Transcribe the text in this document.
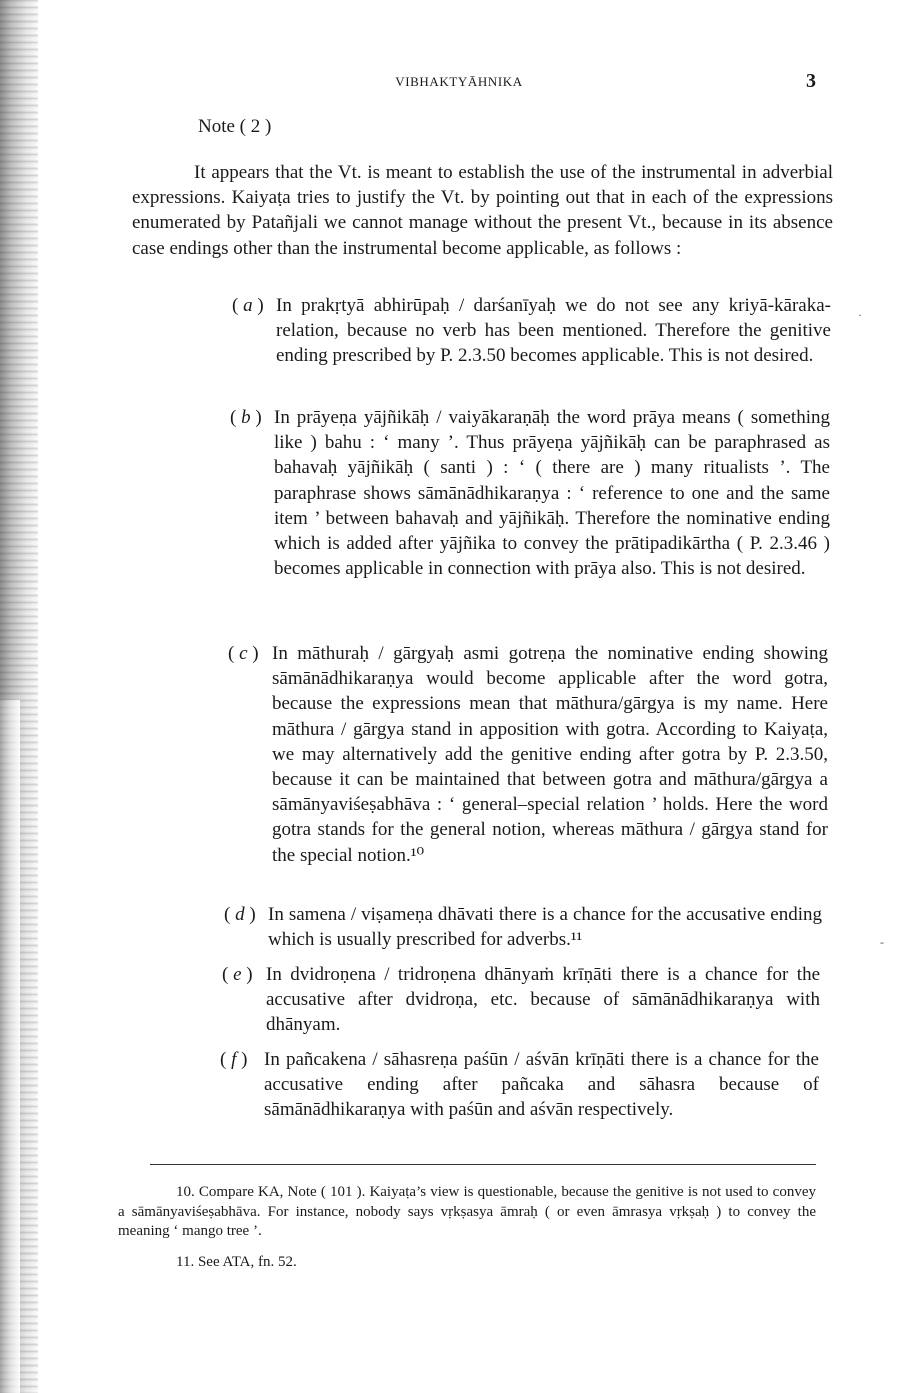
VIBHAKTYĀHNIKA	3
Note ( 2 )

It appears that the Vt. is meant to establish the use of the instrumental in adverbial expressions. Kaiyaṭa tries to justify the Vt. by pointing out that in each of the expressions enumerated by Patañjali we cannot manage without the present Vt., because in its absence case endings other than the instrumental become applicable, as follows :

( a ) In prakṛtyā abhirūpaḥ / darśanīyaḥ we do not see any kriyā-kāraka-relation, because no verb has been mentioned. Therefore the genitive ending prescribed by P. 2.3.50 becomes applicable. This is not desired.
( b ) In prāyeṇa yājñikāḥ / vaiyākaraṇāḥ the word prāya means ( something like ) bahu : ‘ many ’. Thus prāyeṇa yājñikāḥ can be paraphrased as bahavaḥ yājñikāḥ ( santi ) : ‘ ( there are ) many ritualists ’. The paraphrase shows sāmānādhikaraṇya : ‘ reference to one and the same item ’ between bahavaḥ and yājñikāḥ. Therefore the nominative ending which is added after yājñika to convey the prātipadikārtha ( P. 2.3.46 ) becomes applicable in connection with prāya also. This is not desired.
( c ) In māthuraḥ / gārgyaḥ asmi gotreṇa the nominative ending showing sāmānādhikaraṇya would become applicable after the word gotra, because the expressions mean that māthura/gārgya is my name. Here māthura / gārgya stand in apposition with gotra. According to Kaiyaṭa, we may alternatively add the genitive ending after gotra by P. 2.3.50, because it can be maintained that between gotra and māthura/gārgya a sāmānyaviśeṣabhāva : ‘ general–special relation ’ holds. Here the word gotra stands for the general notion, whereas māthura / gārgya stand for the special notion.¹⁰
( d ) In samena / viṣameṇa dhāvati there is a chance for the accusative ending which is usually prescribed for adverbs.¹¹
( e ) In dvidroṇena / tridroṇena dhānyaṁ krīṇāti there is a chance for the accusative after dvidroṇa, etc. because of sāmānādhikaraṇya with dhānyam.
( f ) In pañcakena / sāhasreṇa paśūn / aśvān krīṇāti there is a chance for the accusative ending after pañcaka and sāhasra because of sāmānādhikaraṇya with paśūn and aśvān respectively.

10. Compare KA, Note ( 101 ). Kaiyaṭa’s view is questionable, because the genitive is not used to convey a sāmānyaviśeṣabhāva. For instance, nobody says vṛkṣasya āmraḥ ( or even āmrasya vṛkṣaḥ ) to convey the meaning ‘ mango tree ’.

11. See ATA, fn. 52.

·
-
